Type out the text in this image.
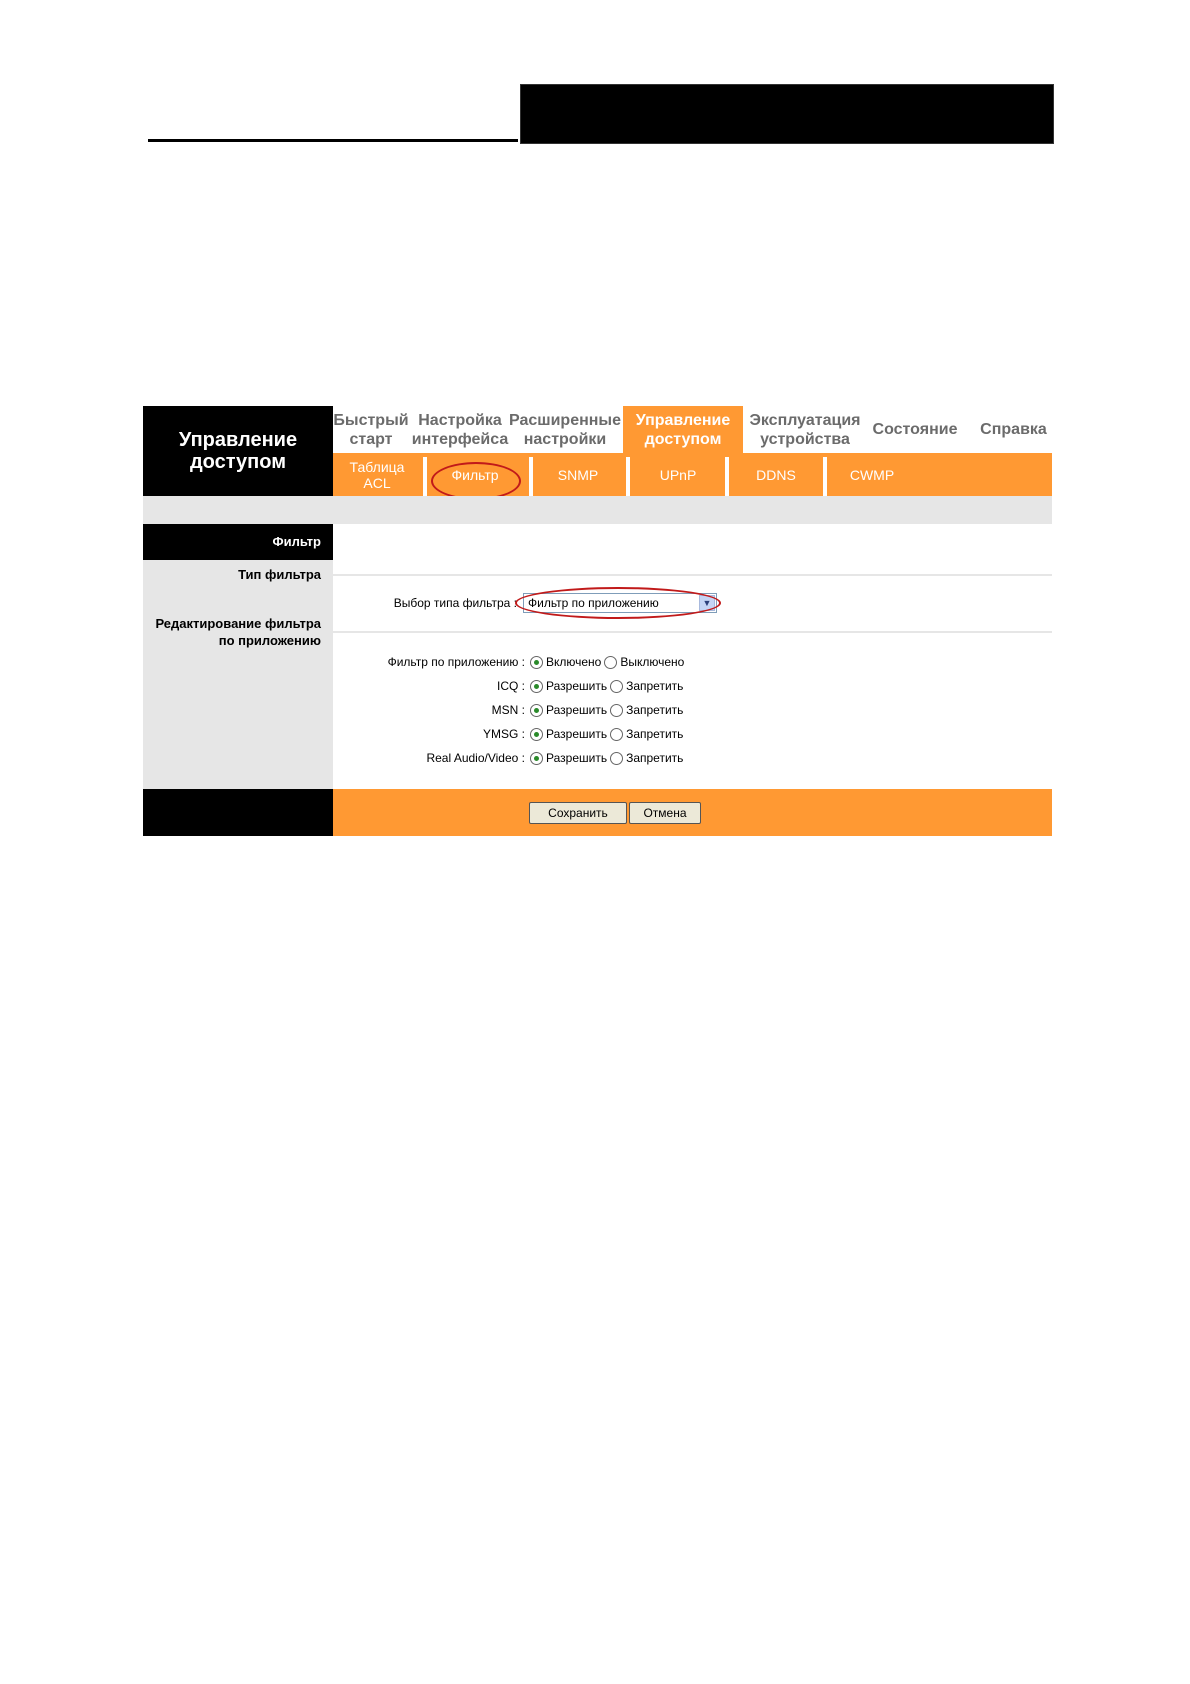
Управление
доступом
Быстрый
старт
Настройка
интерфейса
Расширенные
настройки
Управление
доступом
Эксплуатация
устройства
Состояние Справка
Таблица
ACL	Фильтр	SNMP	UPnP	DDNS	CWMP
Фильтр
Тип фильтра
Редактирование фильтра
по приложению
Выбор типа фильтра : Фильтр по приложению	▼
Фильтр по приложению : Включено Выключено
ICQ : Разрешить Запретить
MSN : Разрешить Запретить
YMSG : Разрешить Запретить
Real Audio/Video : Разрешить Запретить
Сохранить	Отмена
